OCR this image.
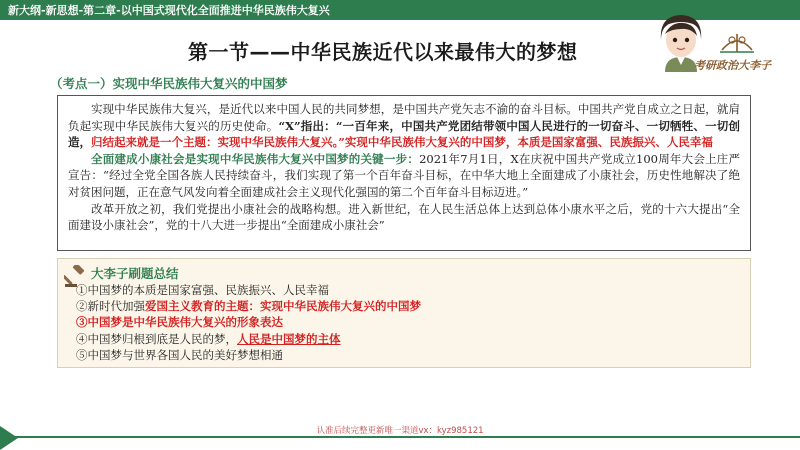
新大纲-新思想-第二章-以中国式现代化全面推进中华民族伟大复兴
第一节——中华民族近代以来最伟大的梦想
考研政治大李子
（考点一）实现中华民族伟大复兴的中国梦

实现中华民族伟大复兴，是近代以来中国人民的共同梦想，是中国共产党矢志不渝的奋斗目标。中国共产党自成立之日起，就肩负起实现中华民族伟大复兴的历史使命。“X”指出：“一百年来，中国共产党团结带领中国人民进行的一切奋斗、一切牺牲、一切创造，归结起来就是一个主题：实现中华民族伟大复兴。”实现中华民族伟大复兴的中国梦，本质是国家富强、民族振兴、人民幸福

全面建成小康社会是实现中华民族伟大复兴中国梦的关键一步：2021年7月1日，X在庆祝中国共产党成立100周年大会上庄严宣告：“经过全党全国各族人民持续奋斗，我们实现了第一个百年奋斗目标，在中华大地上全面建成了小康社会，历史性地解决了绝对贫困问题，正在意气风发向着全面建成社会主义现代化强国的第二个百年奋斗目标迈进。”

改革开放之初，我们党提出小康社会的战略构想。进入新世纪，在人民生活总体上达到总体小康水平之后，党的十六大提出“全面建设小康社会”，党的十八大进一步提出“全面建成小康社会”

大李子刷题总结
①中国梦的本质是国家富强、民族振兴、人民幸福
②新时代加强爱国主义教育的主题：实现中华民族伟大复兴的中国梦
③中国梦是中华民族伟大复兴的形象表达
④中国梦归根到底是人民的梦，人民是中国梦的主体
⑤中国梦与世界各国人民的美好梦想相通
认准后续完整更新唯一渠道vx：kyz985121
